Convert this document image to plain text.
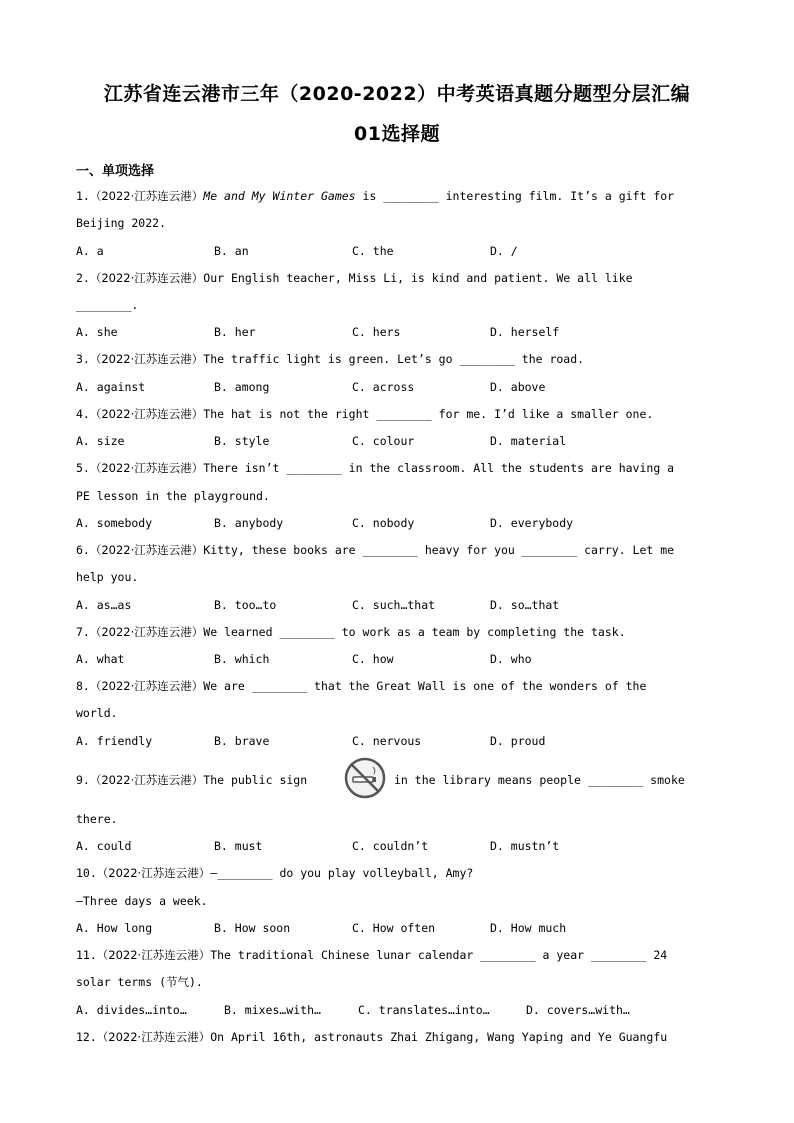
江苏省连云港市三年（2020-2022）中考英语真题分题型分层汇编
01选择题
一、单项选择
1.（2022·江苏连云港）Me and My Winter Games is ________ interesting film. It’s a gift for
Beijing 2022.
A. a	B. an	C. the	D. /
2.（2022·江苏连云港）Our English teacher, Miss Li, is kind and patient. We all like
________.
A. she	B. her	C. hers	D. herself
3.（2022·江苏连云港）The traffic light is green. Let’s go ________ the road.
A. against	B. among	C. across	D. above
4.（2022·江苏连云港）The hat is not the right ________ for me. I’d like a smaller one.
A. size	B. style	C. colour	D. material
5.（2022·江苏连云港）There isn’t ________ in the classroom. All the students are having a
PE lesson in the playground.
A. somebody	B. anybody	C. nobody	D. everybody
6.（2022·江苏连云港）Kitty, these books are ________ heavy for you ________ carry. Let me
help you.
A. as…as	B. too…to	C. such…that	D. so…that
7.（2022·江苏连云港）We learned ________ to work as a team by completing the task.
A. what	B. which	C. how	D. who
8.（2022·江苏连云港）We are ________ that the Great Wall is one of the wonders of the
world.
A. friendly	B. brave	C. nervous	D. proud
9.（2022·江苏连云港）The public sign	in the library means people ________ smoke
there.
A. could	B. must	C. couldn’t	D. mustn’t
10.（2022·江苏连云港）—________ do you play volleyball, Amy?
—Three days a week.
A. How long	B. How soon	C. How often	D. How much
11.（2022·江苏连云港）The traditional Chinese lunar calendar ________ a year ________ 24
solar terms (节气).
A. divides…into…	B. mixes…with…	C. translates…into…	D. covers…with…
12.（2022·江苏连云港）On April 16th, astronauts Zhai Zhigang, Wang Yaping and Ye Guangfu
